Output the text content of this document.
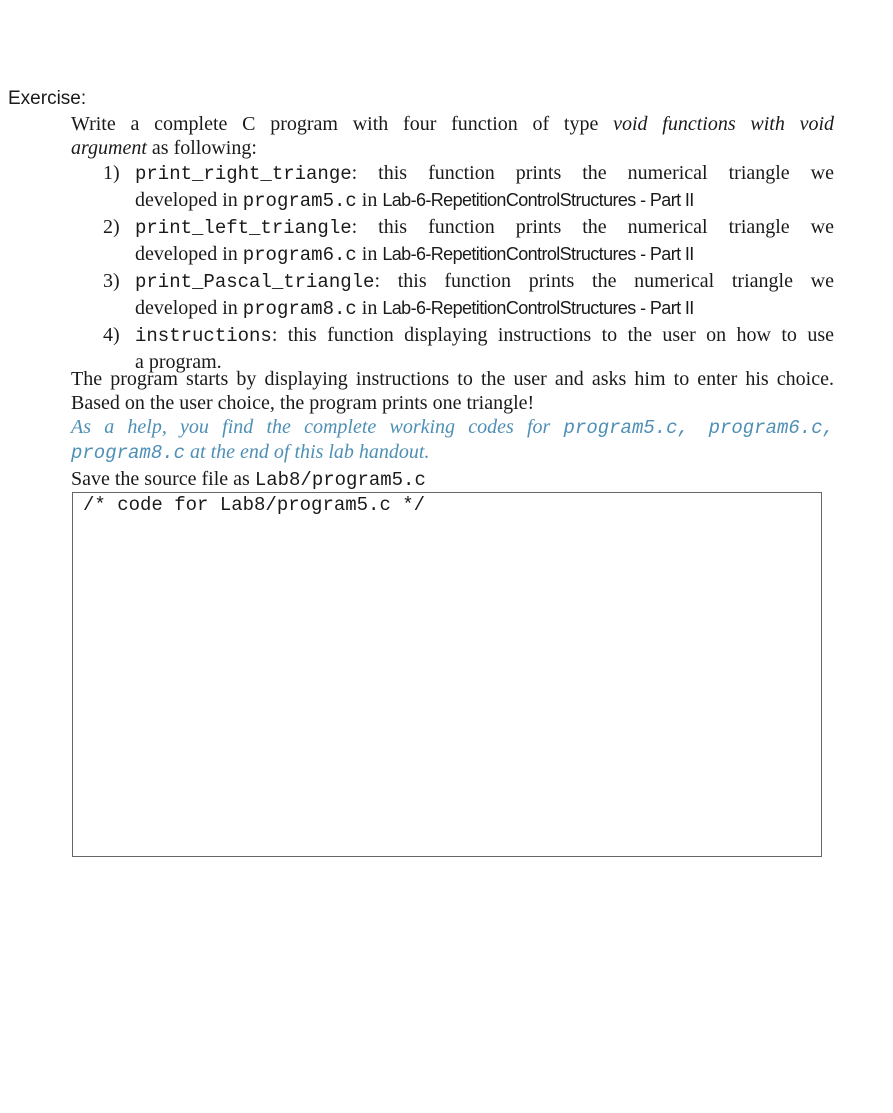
Exercise:
Write a complete C program with four function of type void functions with void
argument as following:
1) print_right_triange: this function prints the numerical triangle we
developed in program5.c in Lab-6-RepetitionControlStructures - Part II
2) print_left_triangle: this function prints the numerical triangle we
developed in program6.c in Lab-6-RepetitionControlStructures - Part II
3) print_Pascal_triangle: this function prints the numerical triangle we
developed in program8.c in Lab-6-RepetitionControlStructures - Part II
4) instructions: this function displaying instructions to the user on how to use
a program.
The program starts by displaying instructions to the user and asks him to enter his choice.
Based on the user choice, the program prints one triangle!
As a help, you find the complete working codes for program5.c, program6.c,
program8.c at the end of this lab handout.
Save the source file as Lab8/program5.c
/* code for Lab8/program5.c */
